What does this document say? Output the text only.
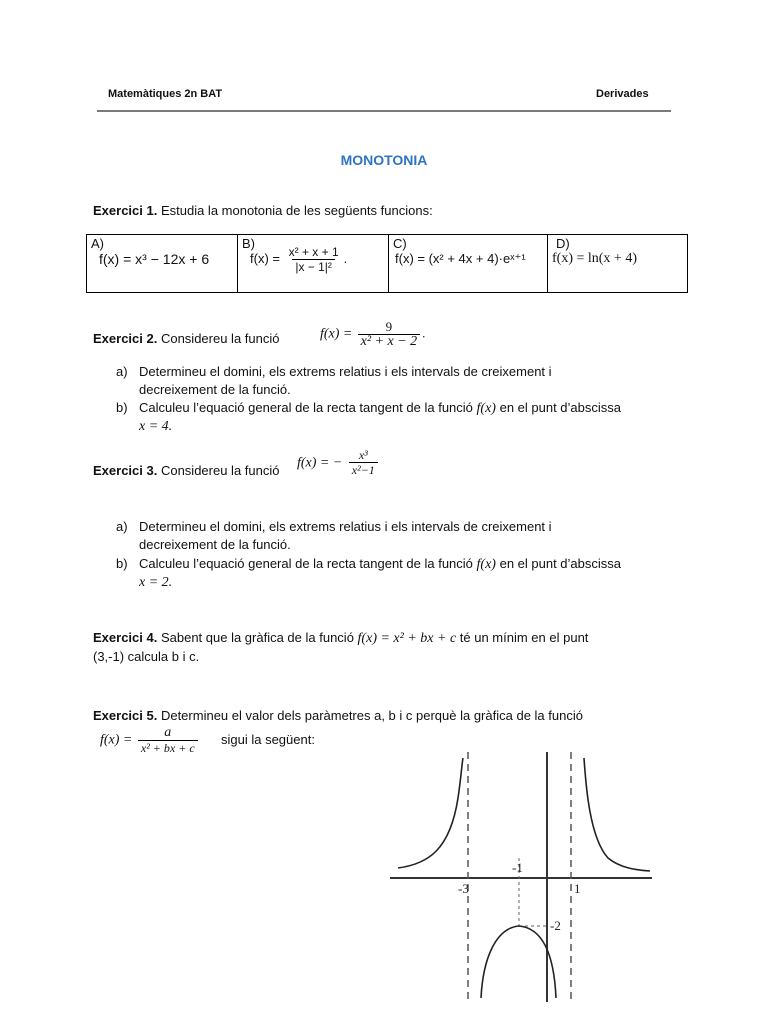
Matemàtiques 2n BAT	Derivades
MONOTONIA
Exercici 1. Estudia la monotonia de les següents funcions:
A)
f(x) = x³ − 12x + 6

B)
$f(x) = \frac{\text{x² + x + 1}}{\text{|x − 1|²}}$ .	
C)
f(x) = (x² + 4x + 4)·eˣ⁺¹

D)
f(x) = ln(x + 4)
Exercici 2. Considereu la funció	$f(x) = \frac{9}{\text{x² + x − 2}}$ .
a) Determineu el domini, els extrems relatius i els intervals de creixement i
decreixement de la funció.
b) Calculeu l’equació general de la recta tangent de la funció f(x) en el punt d’abscissa
x = 4.
Exercici 3. Considereu la funció f(x) = − $\frac{\text{x³}}{\text{x²−1}}$
a) Determineu el domini, els extrems relatius i els intervals de creixement i
decreixement de la funció.
b) Calculeu l’equació general de la recta tangent de la funció f(x) en el punt d’abscissa
x = 2.
Exercici 4. Sabent que la gràfica de la funció f(x) = x² + bx + c té un mínim en el punt
(3,-1) calcula b i c.
Exercici 5. Determineu el valor dels paràmetres a, b i c perquè la gràfica de la funció
$f(x) = \frac{a}{\text{x² + bx + c}}$ sigui la següent:
-3
-1
1
-2
